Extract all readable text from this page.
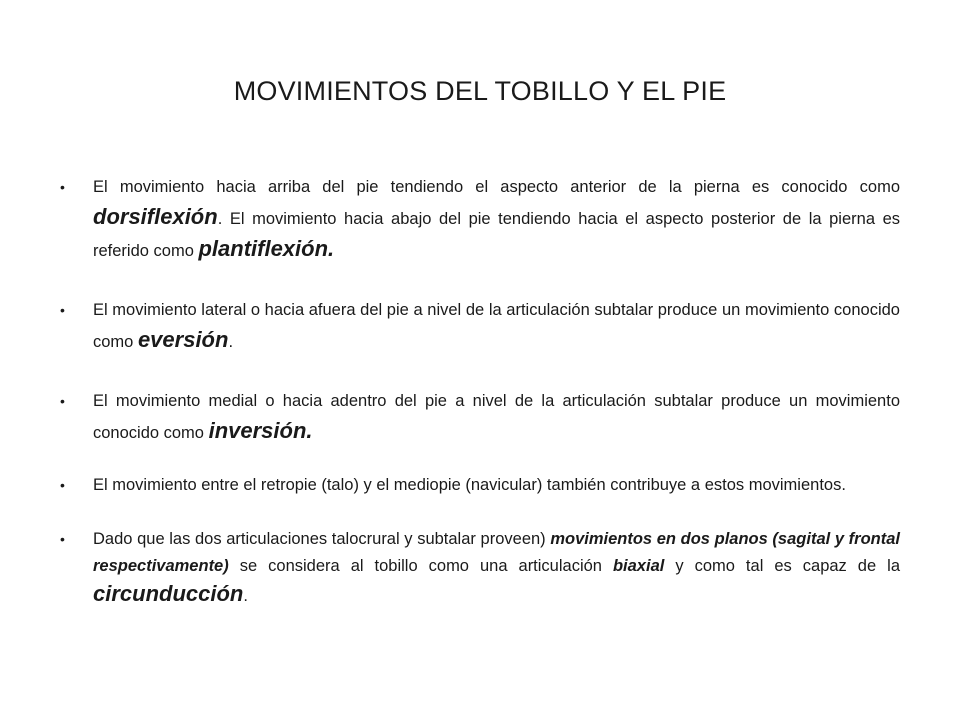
MOVIMIENTOS DEL TOBILLO Y EL PIE
• El movimiento hacia arriba del pie tendiendo el aspecto anterior de la pierna es conocido como dorsiflexión. El movimiento hacia abajo del pie tendiendo hacia el aspecto posterior de la pierna es referido como plantiflexión.
• El movimiento lateral o hacia afuera del pie a nivel de la articulación subtalar produce un movimiento conocido como eversión.
• El movimiento medial o hacia adentro del pie a nivel de la articulación subtalar produce un movimiento conocido como inversión.
• El movimiento entre el retropie (talo) y el mediopie (navicular) también contribuye a estos movimientos.
• Dado que las dos articulaciones talocrural y subtalar proveen) movimientos en dos planos (sagital y frontal respectivamente) se considera al tobillo como una articulación biaxial y como tal es capaz de la circunducción.
